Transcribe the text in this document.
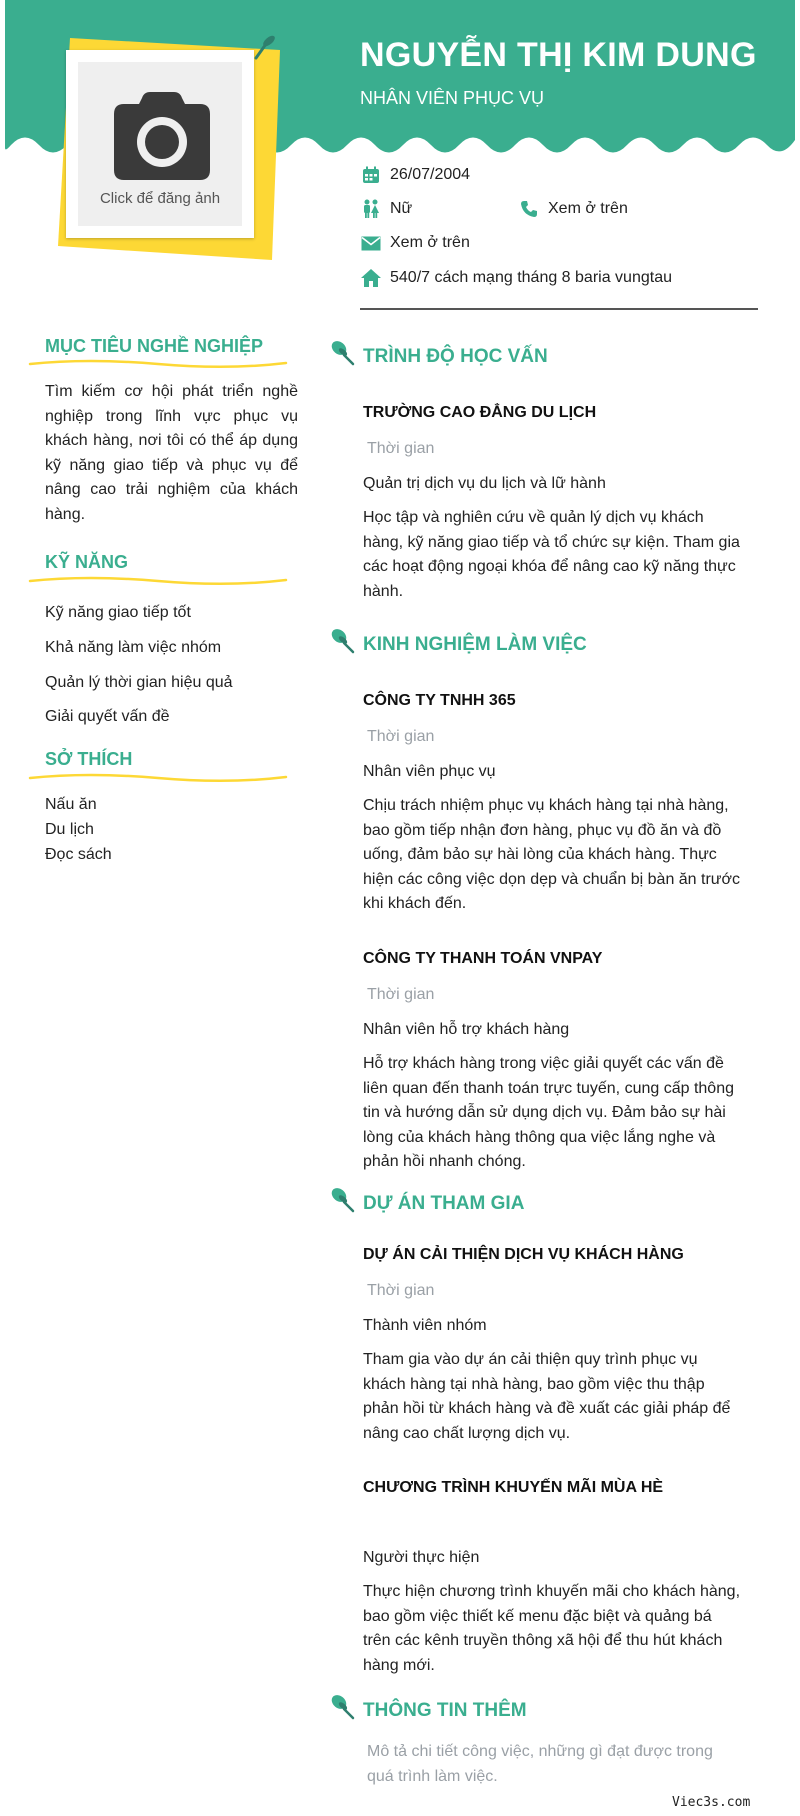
NGUYỄN THỊ KIM DUNG
NHÂN VIÊN PHỤC VỤ
Click để đăng ảnh
26/07/2004
Nữ	Xem ở trên
Xem ở trên
540/7 cách mạng tháng 8 baria vungtau
MỤC TIÊU NGHỀ NGHIỆP
Tìm kiếm cơ hội phát triển nghề nghiệp trong lĩnh vực phục vụ khách hàng, nơi tôi có thể áp dụng kỹ năng giao tiếp và phục vụ để nâng cao trải nghiệm của khách hàng.
KỸ NĂNG
Kỹ năng giao tiếp tốt
Khả năng làm việc nhóm
Quản lý thời gian hiệu quả
Giải quyết vấn đề
SỞ THÍCH
Nấu ăn
Du lịch
Đọc sách
TRÌNH ĐỘ HỌC VẤN
TRƯỜNG CAO ĐẲNG DU LỊCH
Thời gian
Quản trị dịch vụ du lịch và lữ hành
Học tập và nghiên cứu về quản lý dịch vụ khách hàng, kỹ năng giao tiếp và tổ chức sự kiện. Tham gia các hoạt động ngoại khóa để nâng cao kỹ năng thực hành.
KINH NGHIỆM LÀM VIỆC
CÔNG TY TNHH 365
Thời gian
Nhân viên phục vụ
Chịu trách nhiệm phục vụ khách hàng tại nhà hàng, bao gồm tiếp nhận đơn hàng, phục vụ đồ ăn và đồ uống, đảm bảo sự hài lòng của khách hàng. Thực hiện các công việc dọn dẹp và chuẩn bị bàn ăn trước khi khách đến.
CÔNG TY THANH TOÁN VNPAY
Thời gian
Nhân viên hỗ trợ khách hàng
Hỗ trợ khách hàng trong việc giải quyết các vấn đề liên quan đến thanh toán trực tuyến, cung cấp thông tin và hướng dẫn sử dụng dịch vụ. Đảm bảo sự hài lòng của khách hàng thông qua việc lắng nghe và phản hồi nhanh chóng.
DỰ ÁN THAM GIA
DỰ ÁN CẢI THIỆN DỊCH VỤ KHÁCH HÀNG
Thời gian
Thành viên nhóm
Tham gia vào dự án cải thiện quy trình phục vụ khách hàng tại nhà hàng, bao gồm việc thu thập phản hồi từ khách hàng và đề xuất các giải pháp để nâng cao chất lượng dịch vụ.
CHƯƠNG TRÌNH KHUYẾN MÃI MÙA HÈ
Người thực hiện
Thực hiện chương trình khuyến mãi cho khách hàng, bao gồm việc thiết kế menu đặc biệt và quảng bá trên các kênh truyền thông xã hội để thu hút khách hàng mới.
THÔNG TIN THÊM
Mô tả chi tiết công việc, những gì đạt được trong quá trình làm việc.
Viec3s.com
